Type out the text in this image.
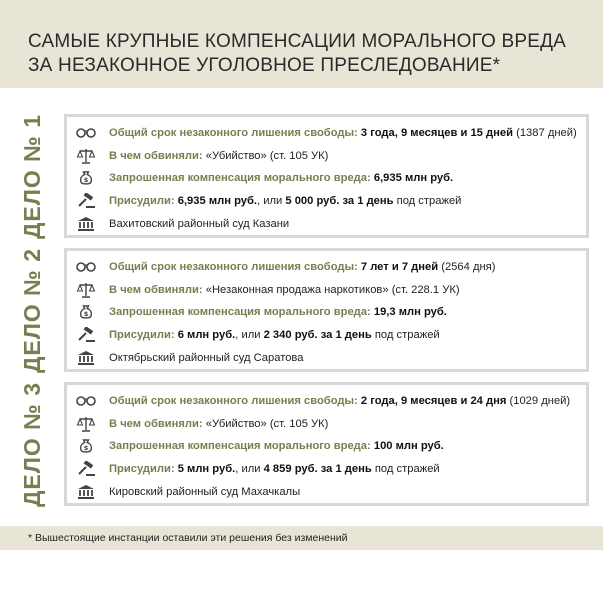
САМЫЕ КРУПНЫЕ КОМПЕНСАЦИИ МОРАЛЬНОГО ВРЕДА
ЗА НЕЗАКОННОЕ УГОЛОВНОЕ ПРЕСЛЕДОВАНИЕ*
ДЕЛО № 1	Общий срок незаконного лишения свободы:
3 года, 9 месяцев и 15 дней
(1387 дней)
В чем обвиняли:
«Убийство» (ст. 105 УК)
Запрошенная компенсация морального вреда:
6,935 млн руб.
Присудили:
6,935 млн руб. , или
5 000 руб. за 1 день
под стражей
Вахитовский районный суд Казани
ДЕЛО № 2	Общий срок незаконного лишения свободы:
7 лет и 7 дней
(2564 дня)
В чем обвиняли:
«Незаконная продажа наркотиков» (ст. 228.1 УК)
Запрошенная компенсация морального вреда:
19,3 млн руб.
Присудили:
6 млн руб. , или
2 340 руб. за 1 день
под стражей
Октябрьский районный суд Саратова
ДЕЛО № 3	Общий срок незаконного лишения свободы:
2 года, 9 месяцев и 24 дня
(1029 дней)
В чем обвиняли:
«Убийство» (ст. 105 УК)
Запрошенная компенсация морального вреда:
100 млн руб.
Присудили:
5 млн руб. , или
4 859 руб. за 1 день
под стражей
Кировский районный суд Махачкалы
* Вышестоящие инстанции оставили эти решения без изменений
